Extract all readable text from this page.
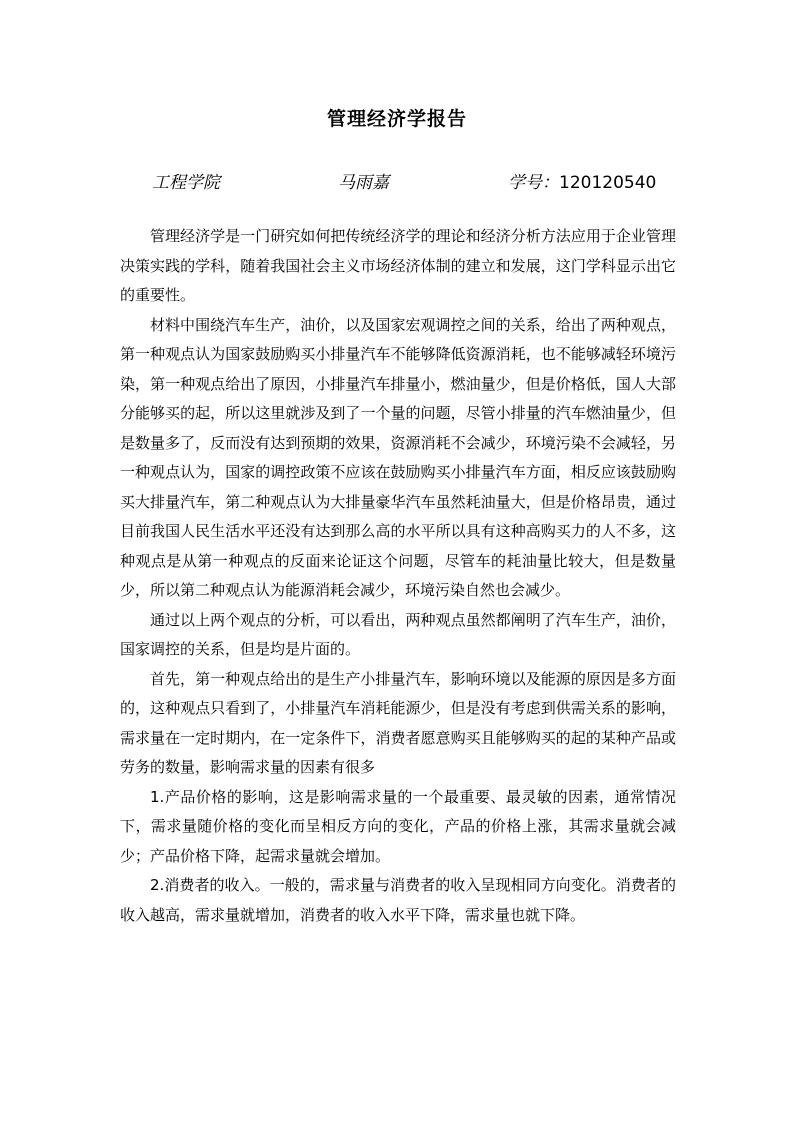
管理经济学报告
工程学院	马雨嘉	学号：120120540

管理经济学是一门研究如何把传统经济学的理论和经济分析方法应用于企业管理决策实践的学科，随着我国社会主义市场经济体制的建立和发展，这门学科显示出它的重要性。

材料中围绕汽车生产，油价，以及国家宏观调控之间的关系，给出了两种观点，第一种观点认为国家鼓励购买小排量汽车不能够降低资源消耗，也不能够减轻环境污染，第一种观点给出了原因，小排量汽车排量小，燃油量少，但是价格低，国人大部分能够买的起，所以这里就涉及到了一个量的问题，尽管小排量的汽车燃油量少，但是数量多了，反而没有达到预期的效果，资源消耗不会减少，环境污染不会减轻，另一种观点认为，国家的调控政策不应该在鼓励购买小排量汽车方面，相反应该鼓励购买大排量汽车，第二种观点认为大排量豪华汽车虽然耗油量大，但是价格昂贵，通过目前我国人民生活水平还没有达到那么高的水平所以具有这种高购买力的人不多，这种观点是从第一种观点的反面来论证这个问题，尽管车的耗油量比较大，但是数量少，所以第二种观点认为能源消耗会减少，环境污染自然也会减少。

通过以上两个观点的分析，可以看出，两种观点虽然都阐明了汽车生产，油价，国家调控的关系，但是均是片面的。

首先，第一种观点给出的是生产小排量汽车，影响环境以及能源的原因是多方面的，这种观点只看到了，小排量汽车消耗能源少，但是没有考虑到供需关系的影响，需求量在一定时期内，在一定条件下，消费者愿意购买且能够购买的起的某种产品或劳务的数量，影响需求量的因素有很多

1.产品价格的影响，这是影响需求量的一个最重要、最灵敏的因素，通常情况下，需求量随价格的变化而呈相反方向的变化，产品的价格上涨，其需求量就会减少；产品价格下降，起需求量就会增加。

2.消费者的收入。一般的，需求量与消费者的收入呈现相同方向变化。消费者的收入越高，需求量就增加，消费者的收入水平下降，需求量也就下降。
